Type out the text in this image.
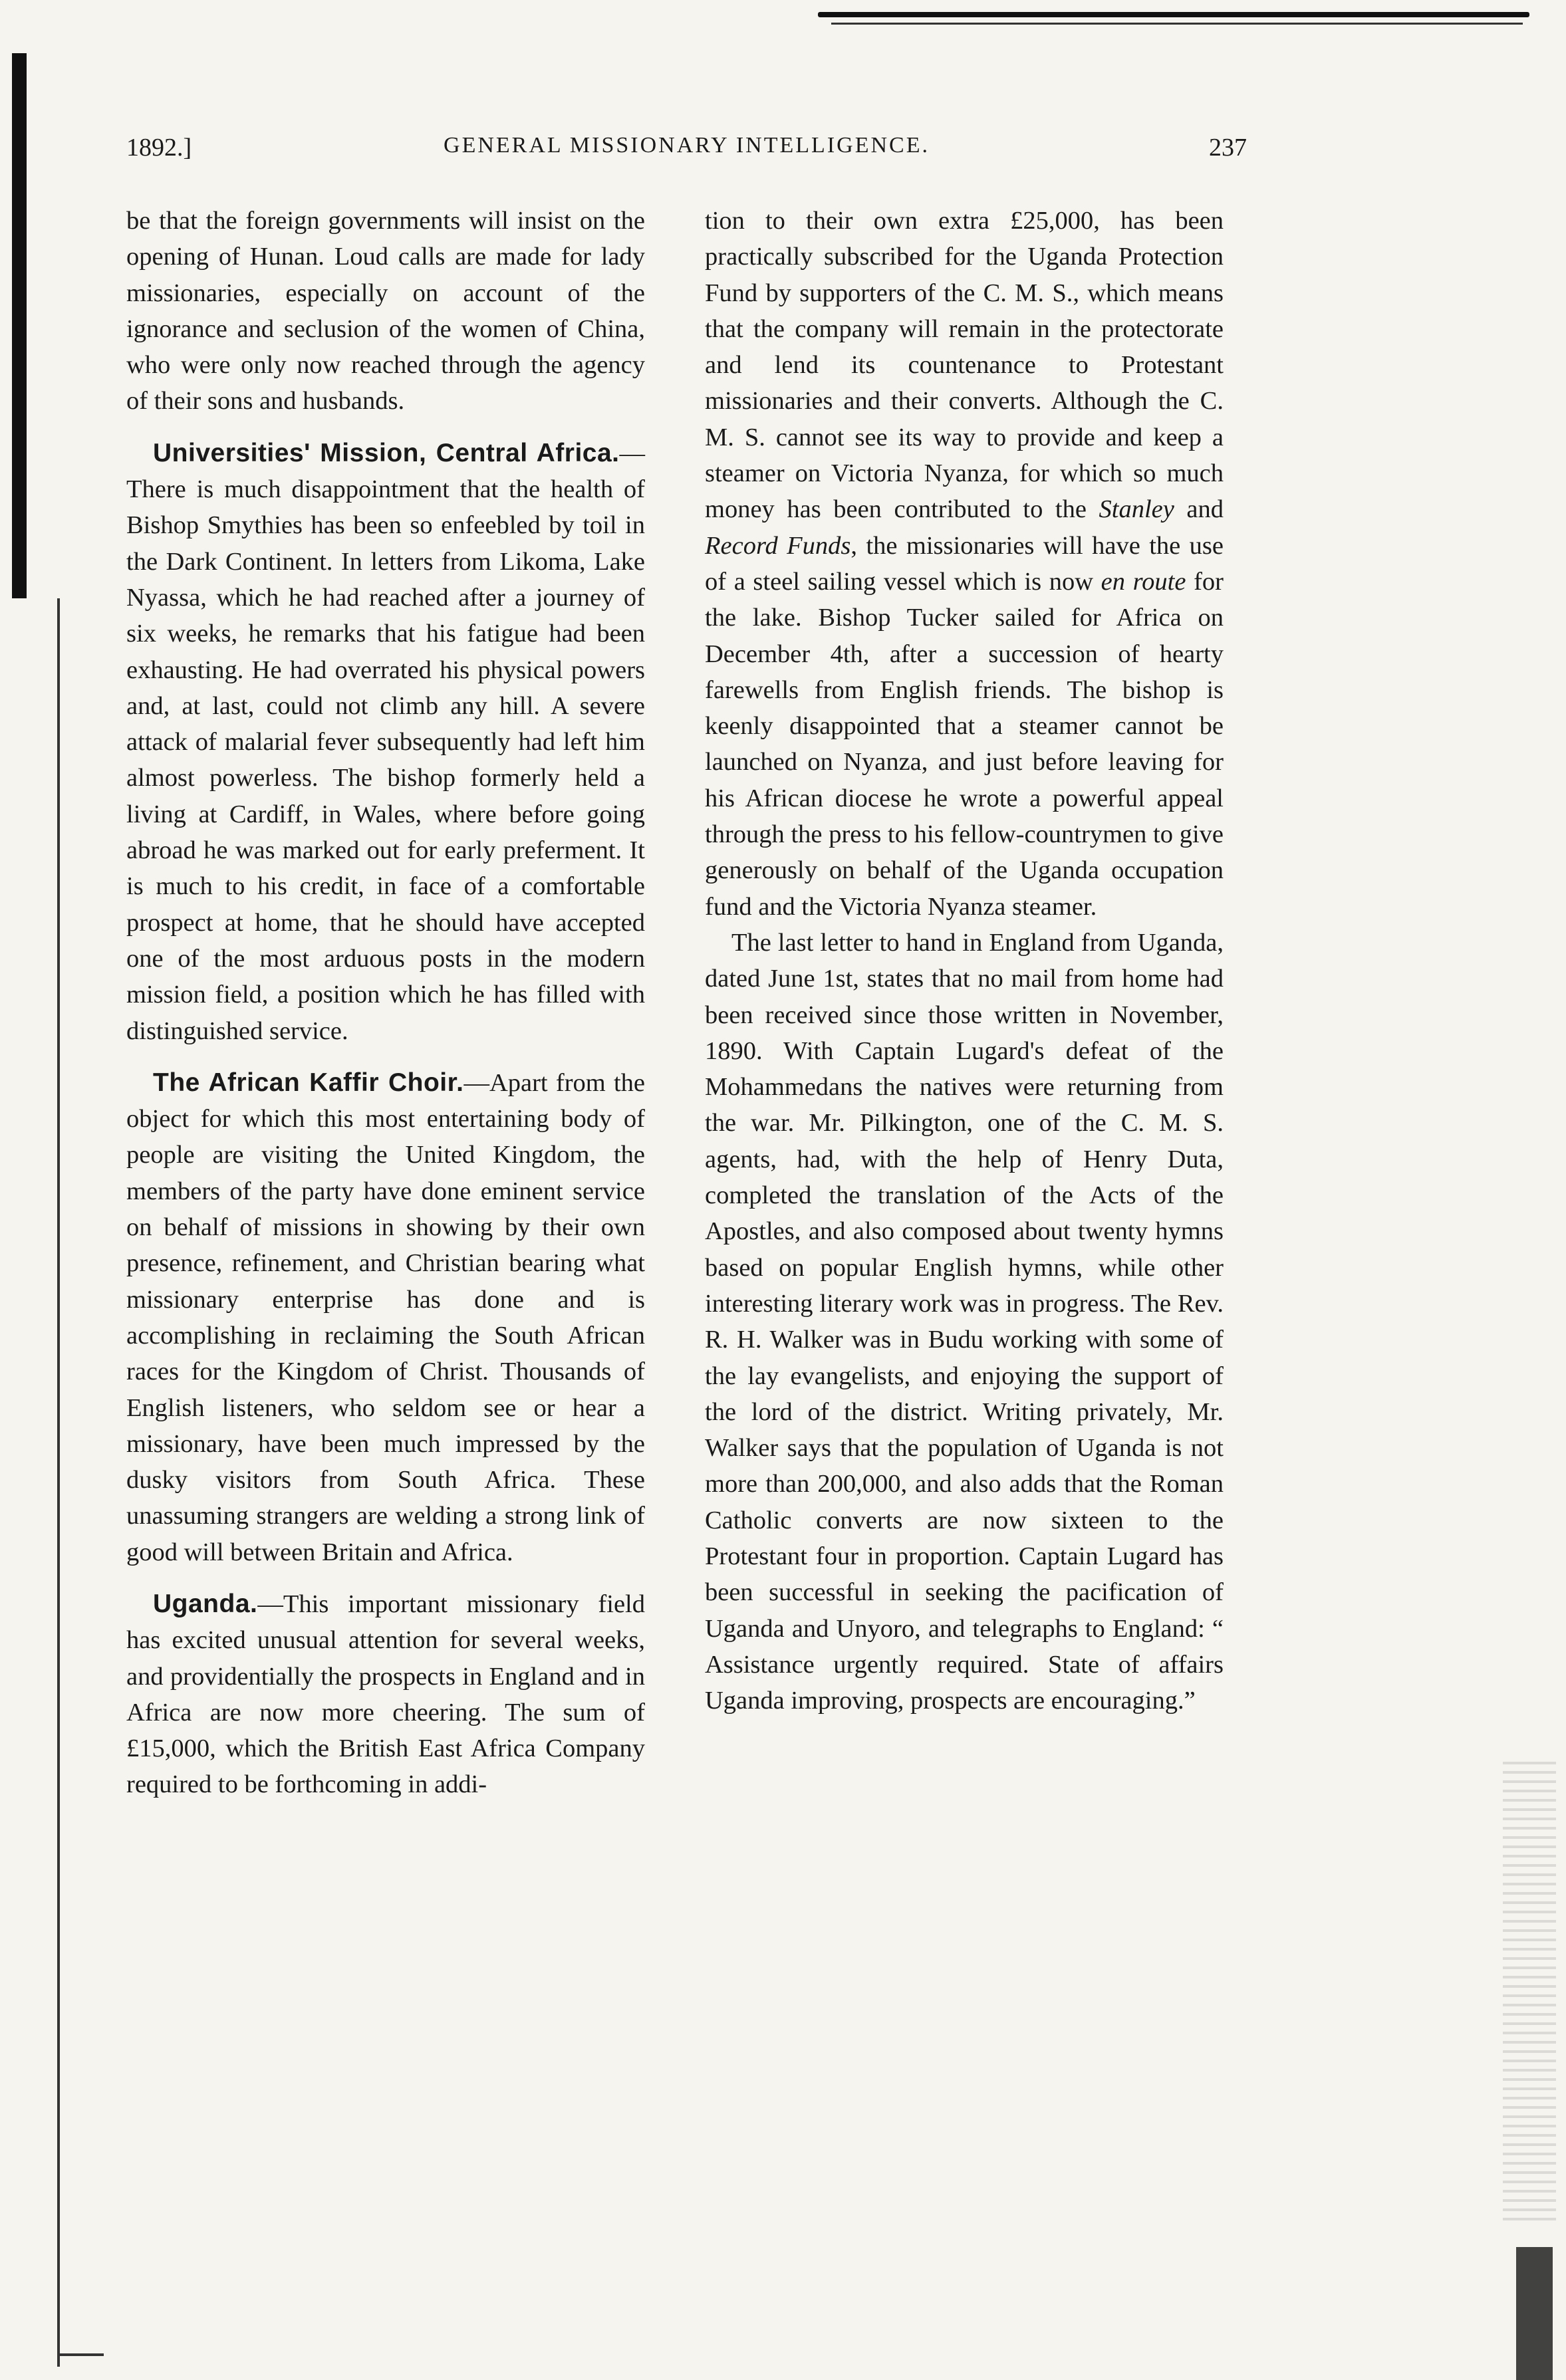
1892.]	GENERAL MISSIONARY INTELLIGENCE.	237

be that the foreign governments will insist on the opening of Hunan. Loud calls are made for lady missionaries, especially on account of the ignorance and seclusion of the women of China, who were only now reached through the agency of their sons and husbands.

Universities' Mission, Central Africa.—There is much disappointment that the health of Bishop Smythies has been so enfeebled by toil in the Dark Continent. In letters from Likoma, Lake Nyassa, which he had reached after a journey of six weeks, he remarks that his fatigue had been exhausting. He had overrated his physical powers and, at last, could not climb any hill. A severe attack of malarial fever subsequently had left him almost powerless. The bishop formerly held a living at Cardiff, in Wales, where before going abroad he was marked out for early preferment. It is much to his credit, in face of a comfortable prospect at home, that he should have accepted one of the most arduous posts in the modern mission field, a position which he has filled with distinguished service.

The African Kaffir Choir.—Apart from the object for which this most entertaining body of people are visiting the United Kingdom, the members of the party have done eminent service on behalf of missions in showing by their own presence, refinement, and Christian bearing what missionary enterprise has done and is accomplishing in reclaiming the South African races for the Kingdom of Christ. Thousands of English listeners, who seldom see or hear a missionary, have been much impressed by the dusky visitors from South Africa. These unassuming strangers are welding a strong link of good will between Britain and Africa.

Uganda.—This important missionary field has excited unusual attention for several weeks, and providentially the prospects in England and in Africa are now more cheering. The sum of £15,000, which the British East Africa Company required to be forthcoming in addi-

tion to their own extra £25,000, has been practically subscribed for the Uganda Protection Fund by supporters of the C. M. S., which means that the company will remain in the protectorate and lend its countenance to Protestant missionaries and their converts. Although the C. M. S. cannot see its way to provide and keep a steamer on Victoria Nyanza, for which so much money has been contributed to the Stanley and Record Funds, the missionaries will have the use of a steel sailing vessel which is now en route for the lake. Bishop Tucker sailed for Africa on December 4th, after a succession of hearty farewells from English friends. The bishop is keenly disappointed that a steamer cannot be launched on Nyanza, and just before leaving for his African diocese he wrote a powerful appeal through the press to his fellow-countrymen to give generously on behalf of the Uganda occupation fund and the Victoria Nyanza steamer.

The last letter to hand in England from Uganda, dated June 1st, states that no mail from home had been received since those written in November, 1890. With Captain Lugard's defeat of the Mohammedans the natives were returning from the war. Mr. Pilkington, one of the C. M. S. agents, had, with the help of Henry Duta, completed the translation of the Acts of the Apostles, and also composed about twenty hymns based on popular English hymns, while other interesting literary work was in progress. The Rev. R. H. Walker was in Budu working with some of the lay evangelists, and enjoying the support of the lord of the district. Writing privately, Mr. Walker says that the population of Uganda is not more than 200,000, and also adds that the Roman Catholic converts are now sixteen to the Protestant four in proportion. Captain Lugard has been successful in seeking the pacification of Uganda and Unyoro, and telegraphs to England: “ Assistance urgently required. State of affairs Uganda improving, prospects are encouraging.”
